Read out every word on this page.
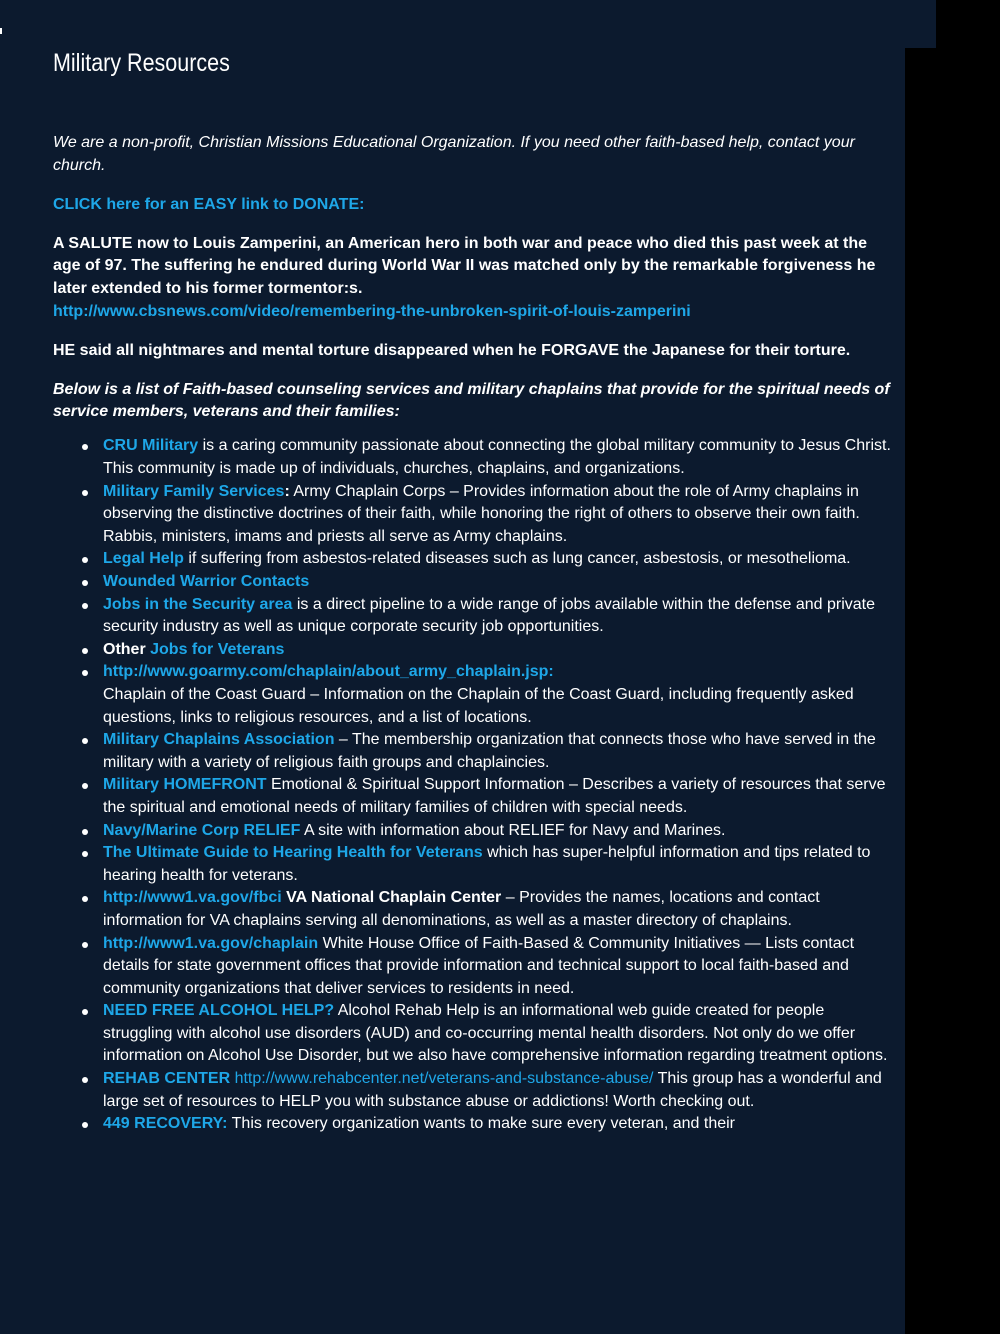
Military Resources

We are a non-profit, Christian Missions Educational Organization. If you need other faith-based help, contact your church.

CLICK here for an EASY link to DONATE:

A SALUTE now to Louis Zamperini, an American hero in both war and peace who died this past week at the age of 97. The suffering he endured during World War II was matched only by the remarkable forgiveness he later extended to his former tormentor:s.
http://www.cbsnews.com/video/remembering-the-unbroken-spirit-of-louis-zamperini

HE said all nightmares and mental torture disappeared when he FORGAVE the Japanese for their torture.

Below is a list of Faith-based counseling services and military chaplains that provide for the spiritual needs of service members, veterans and their families:

CRU Military is a caring community passionate about connecting the global military community to Jesus Christ. This community is made up of individuals, churches, chaplains, and organizations.
Military Family Services: Army Chaplain Corps – Provides information about the role of Army chaplains in observing the distinctive doctrines of their faith, while honoring the right of others to observe their own faith. Rabbis, ministers, imams and priests all serve as Army chaplains.
Legal Help if suffering from asbestos-related diseases such as lung cancer, asbestosis, or mesothelioma.
Wounded Warrior Contacts
Jobs in the Security area is a direct pipeline to a wide range of jobs available within the defense and private security industry as well as unique corporate security job opportunities.
Other Jobs for Veterans
http://www.goarmy.com/chaplain/about_army_chaplain.jsp:
Chaplain of the Coast Guard – Information on the Chaplain of the Coast Guard, including frequently asked questions, links to religious resources, and a list of locations.
Military Chaplains Association – The membership organization that connects those who have served in the military with a variety of religious faith groups and chaplaincies.
Military HOMEFRONT Emotional & Spiritual Support Information – Describes a variety of resources that serve the spiritual and emotional needs of military families of children with special needs.
Navy/Marine Corp RELIEF A site with information about RELIEF for Navy and Marines.
The Ultimate Guide to Hearing Health for Veterans which has super-helpful information and tips related to hearing health for veterans.
http://www1.va.gov/fbci VA National Chaplain Center – Provides the names, locations and contact information for VA chaplains serving all denominations, as well as a master directory of chaplains.
http://www1.va.gov/chaplain White House Office of Faith-Based & Community Initiatives — Lists contact details for state government offices that provide information and technical support to local faith-based and community organizations that deliver services to residents in need.
NEED FREE ALCOHOL HELP? Alcohol Rehab Help is an informational web guide created for people struggling with alcohol use disorders (AUD) and co-occurring mental health disorders. Not only do we offer information on Alcohol Use Disorder, but we also have comprehensive information regarding treatment options.
REHAB CENTER http://www.rehabcenter.net/veterans-and-substance-abuse/ This group has a wonderful and large set of resources to HELP you with substance abuse or addictions! Worth checking out.
449 RECOVERY: This recovery organization wants to make sure every veteran, and their
